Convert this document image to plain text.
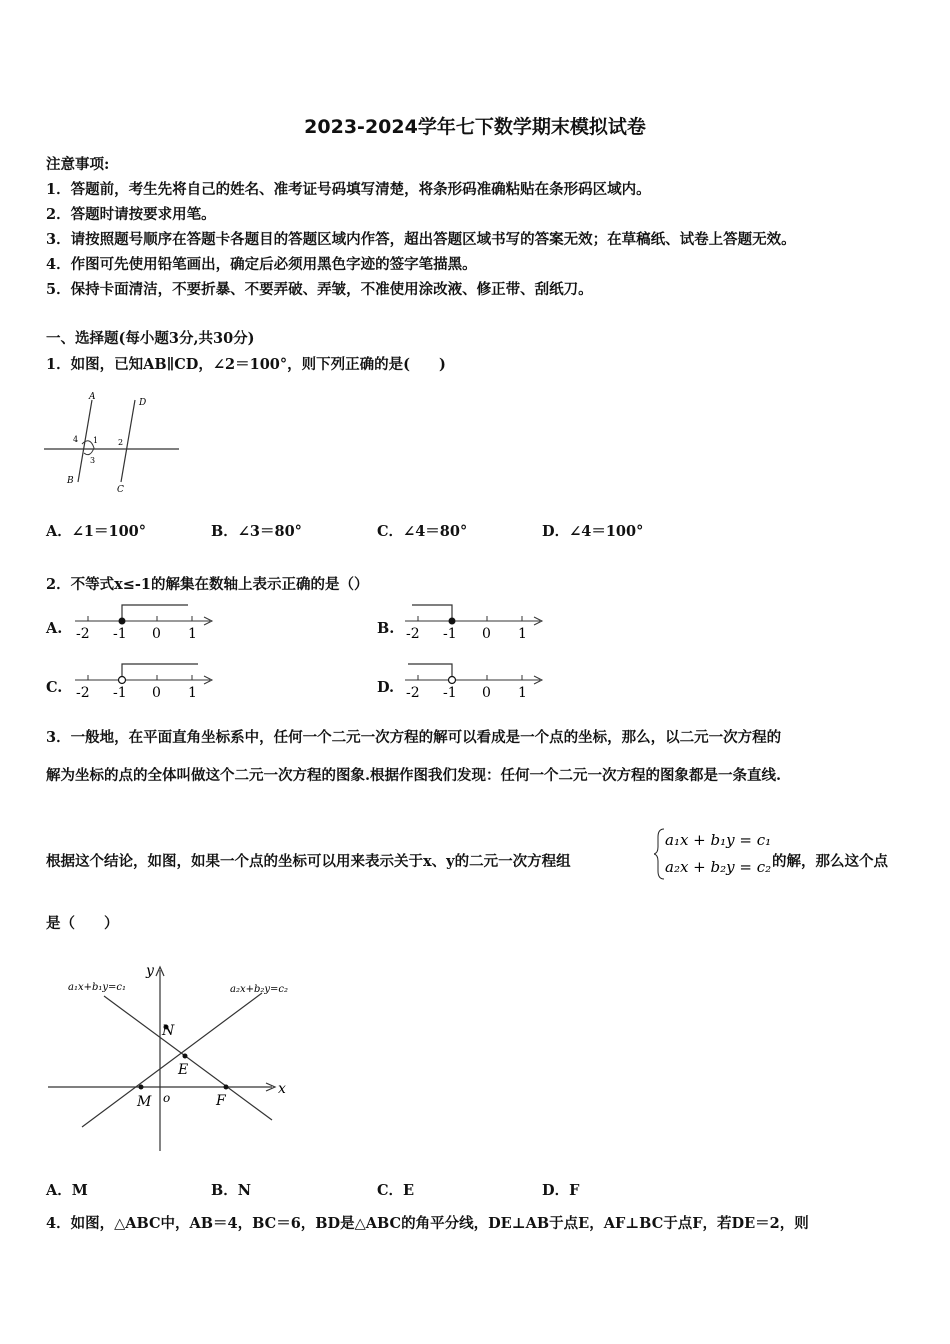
2023-2024学年七下数学期末模拟试卷
注意事项:
1．答题前，考生先将自己的姓名、准考证号码填写清楚，将条形码准确粘贴在条形码区域内。
2．答题时请按要求用笔。
3．请按照题号顺序在答题卡各题目的答题区域内作答，超出答题区域书写的答案无效；在草稿纸、试卷上答题无效。
4．作图可先使用铅笔画出，确定后必须用黑色字迹的签字笔描黑。
5．保持卡面清洁，不要折暴、不要弄破、弄皱，不准使用涂改液、修正带、刮纸刀。
一、选择题(每小题3分,共30分)
1．如图，已知AB∥CD，∠2＝100°，则下列正确的是(　　)
A
D
B
C
1 2
3
4
A．∠1＝100°	B．∠3＝80°	C．∠4＝80°	D．∠4＝100°
2．不等式x≤-1的解集在数轴上表示正确的是（）
A. -2 -1 0 1	B. -2 -1 0 1
C. -2 -1 0 1	D. -2 -1 0 1
3．一般地，在平面直角坐标系中，任何一个二元一次方程的解可以看成是一个点的坐标，那么，以二元一次方程的
解为坐标的点的全体叫做这个二元一次方程的图象.根据作图我们发现：任何一个二元一次方程的图象都是一条直线.
根据这个结论，如图，如果一个点的坐标可以用来表示关于x、y的二元一次方程组
a₁x + b₁y = c₁
a₂x + b₂y = c₂ 的解，那么这个点
是（　　）
a₁x+b₁y=c₁	a₂x+b₂y=c₂
x
y
o
N
E
M	F
A．M	B．N	C．E	D．F
4．如图，△ABC中，AB＝4，BC＝6，BD是△ABC的角平分线，DE⊥AB于点E，AF⊥BC于点F，若DE＝2，则
